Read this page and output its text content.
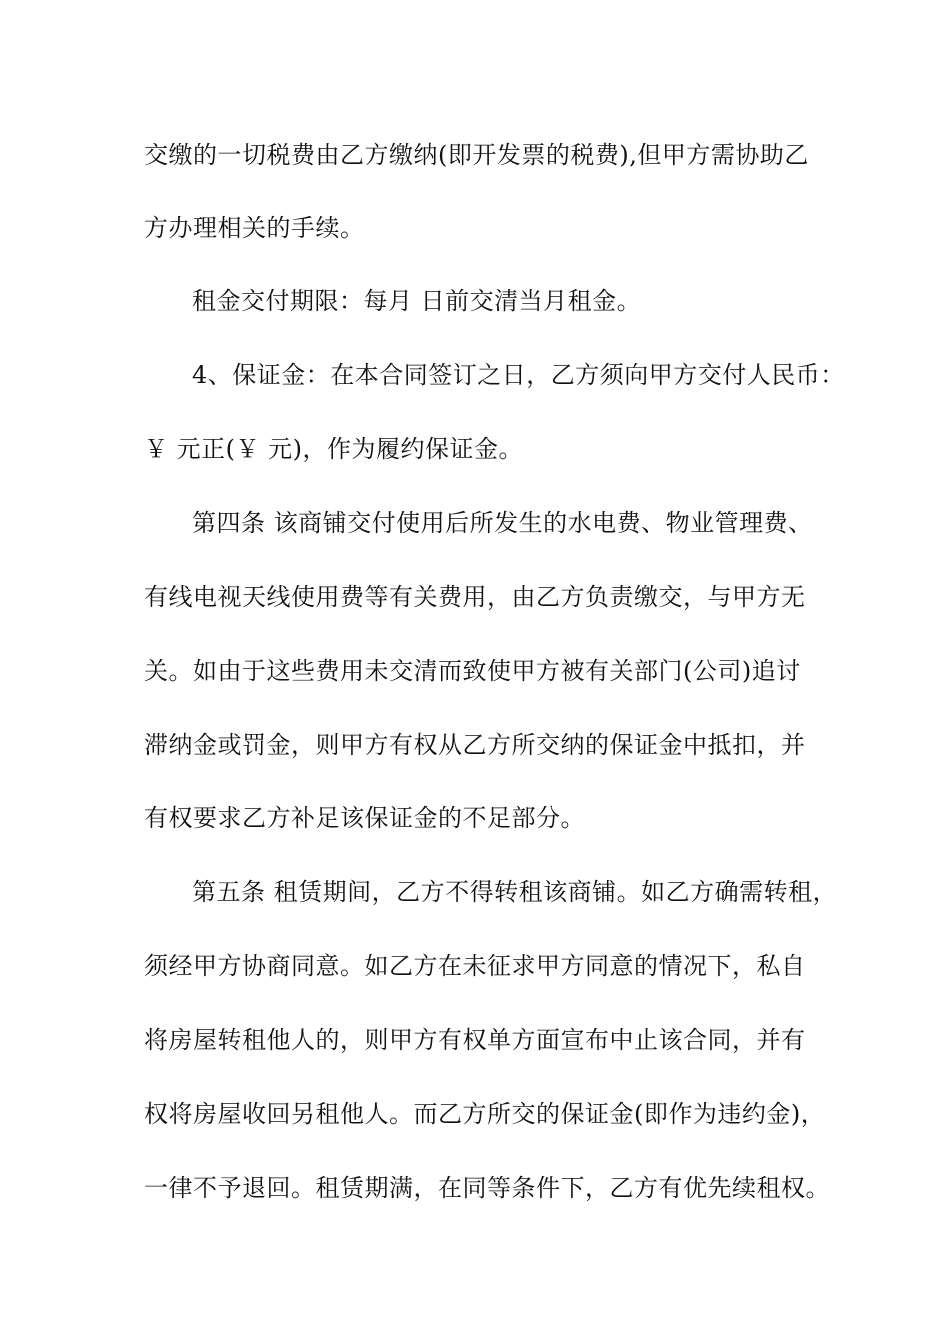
交缴的一切税费由乙方缴纳(即开发票的税费),但甲方需协助乙
方办理相关的手续。
租金交付期限：每月 日前交清当月租金。
4、保证金：在本合同签订之日，乙方须向甲方交付人民币：
￥ 元正(￥ 元)，作为履约保证金。
第四条 该商铺交付使用后所发生的水电费、物业管理费、
有线电视天线使用费等有关费用，由乙方负责缴交，与甲方无
关。如由于这些费用未交清而致使甲方被有关部门(公司)追讨
滞纳金或罚金，则甲方有权从乙方所交纳的保证金中抵扣，并
有权要求乙方补足该保证金的不足部分。
第五条 租赁期间，乙方不得转租该商铺。如乙方确需转租，
须经甲方协商同意。如乙方在未征求甲方同意的情况下，私自
将房屋转租他人的，则甲方有权单方面宣布中止该合同，并有
权将房屋收回另租他人。而乙方所交的保证金(即作为违约金)，
一律不予退回。租赁期满，在同等条件下，乙方有优先续租权。
